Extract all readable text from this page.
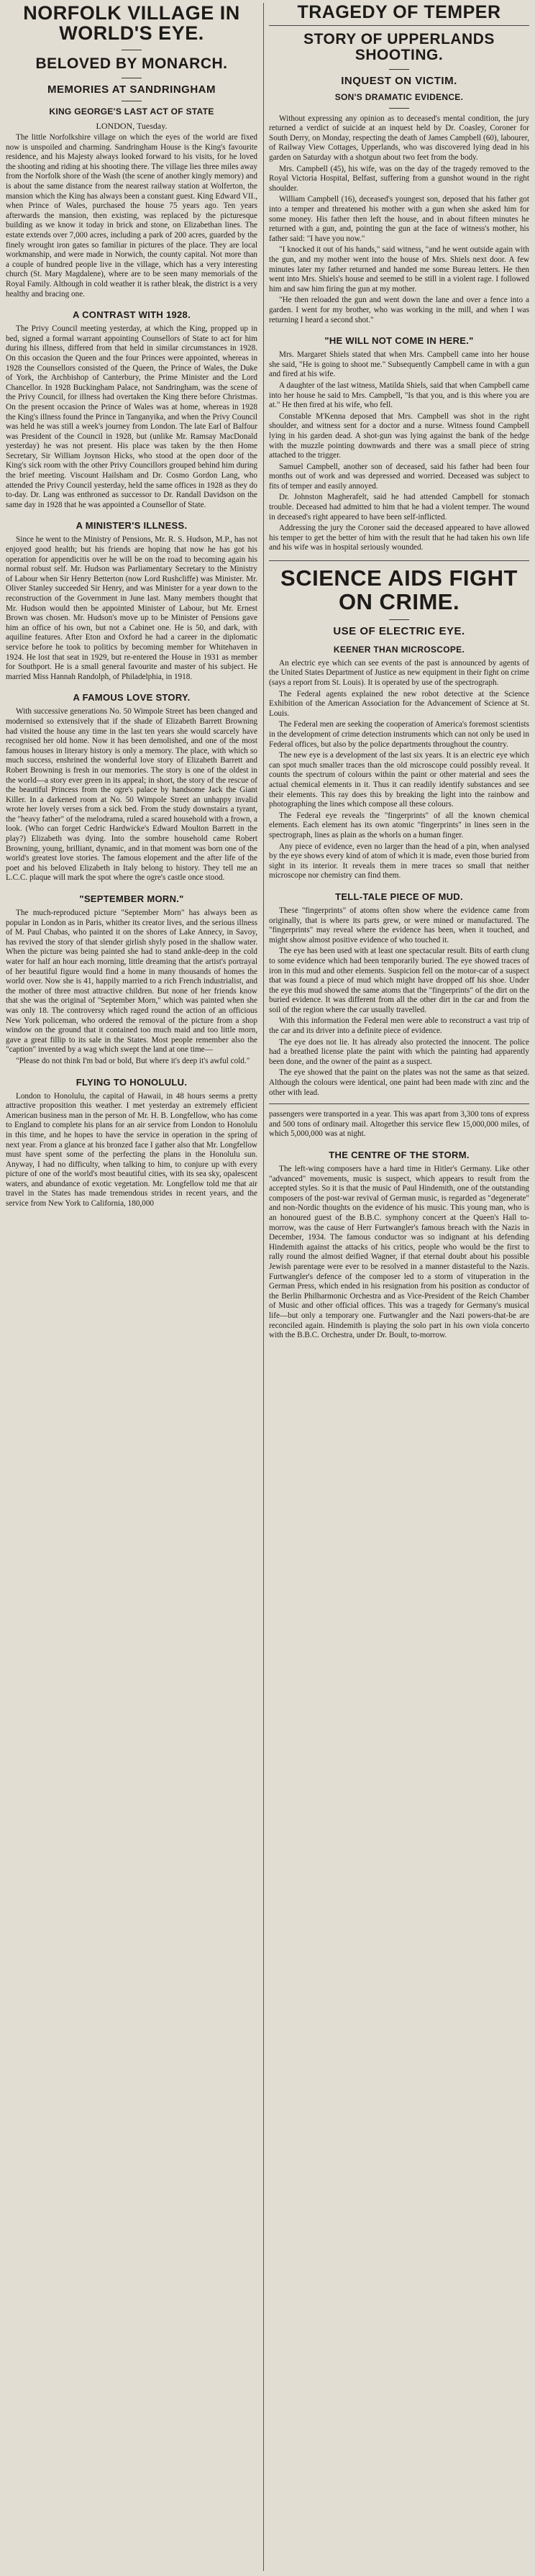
NORFOLK VILLAGE IN WORLD'S EYE.
BELOVED BY MONARCH.
MEMORIES AT SANDRINGHAM
KING GEORGE'S LAST ACT OF STATE
LONDON, Tuesday.

The little Norfolkshire village on which the eyes of the world are fixed now is unspoiled and charming. Sandringham House is the King's favourite residence, and his Majesty always looked forward to his visits, for he loved the shooting and riding at his shooting there. The village lies three miles away from the Norfolk shore of the Wash (the scene of another kingly memory) and is about the same distance from the nearest railway station at Wolferton, the mansion which the King has always been a constant guest. King Edward VII., when Prince of Wales, purchased the house 75 years ago. Ten years afterwards the mansion, then existing, was replaced by the picturesque building as we know it today in brick and stone, on Elizabethan lines. The estate extends over 7,000 acres, including a park of 200 acres, guarded by the finely wrought iron gates so familiar in pictures of the place. They are local workmanship, and were made in Norwich, the county capital. Not more than a couple of hundred people live in the village, which has a very interesting church (St. Mary Magdalene), where are to be seen many memorials of the Royal Family. Although in cold weather it is rather bleak, the district is a very healthy and bracing one.

A CONTRAST WITH 1928.

The Privy Council meeting yesterday, at which the King, propped up in bed, signed a formal warrant appointing Counsellors of State to act for him during his illness, differed from that held in similar circumstances in 1928. On this occasion the Queen and the four Princes were appointed, whereas in 1928 the Counsellors consisted of the Queen, the Prince of Wales, the Duke of York, the Archbishop of Canterbury, the Prime Minister and the Lord Chancellor. In 1928 Buckingham Palace, not Sandringham, was the scene of the Privy Council, for illness had overtaken the King there before Christmas. On the present occasion the Prince of Wales was at home, whereas in 1928 the King's illness found the Prince in Tanganyika, and when the Privy Council was held he was still a week's journey from London. The late Earl of Balfour was President of the Council in 1928, but (unlike Mr. Ramsay MacDonald yesterday) he was not present. His place was taken by the then Home Secretary, Sir William Joynson Hicks, who stood at the open door of the King's sick room with the other Privy Councillors grouped behind him during the brief meeting. Viscount Hailsham and Dr. Cosmo Gordon Lang, who attended the Privy Council yesterday, held the same offices in 1928 as they do to-day. Dr. Lang was enthroned as successor to Dr. Randall Davidson on the same day in 1928 that he was appointed a Counsellor of State.

A MINISTER'S ILLNESS.

Since he went to the Ministry of Pensions, Mr. R. S. Hudson, M.P., has not enjoyed good health; but his friends are hoping that now he has got his operation for appendicitis over he will be on the road to becoming again his normal robust self. Mr. Hudson was Parliamentary Secretary to the Ministry of Labour when Sir Henry Betterton (now Lord Rushcliffe) was Minister. Mr. Oliver Stanley succeeded Sir Henry, and was Minister for a year down to the reconstruction of the Government in June last. Many members thought that Mr. Hudson would then be appointed Minister of Labour, but Mr. Ernest Brown was chosen. Mr. Hudson's move up to be Minister of Pensions gave him an office of his own, but not a Cabinet one. He is 50, and dark, with aquiline features. After Eton and Oxford he had a career in the diplomatic service before he took to politics by becoming member for Whitehaven in 1924. He lost that seat in 1929, but re-entered the House in 1931 as member for Southport. He is a small general favourite and master of his subject. He married Miss Hannah Randolph, of Philadelphia, in 1918.

A FAMOUS LOVE STORY.

With successive generations No. 50 Wimpole Street has been changed and modernised so extensively that if the shade of Elizabeth Barrett Browning had visited the house any time in the last ten years she would scarcely have recognised her old home. Now it has been demolished, and one of the most famous houses in literary history is only a memory. The place, with which so much success, enshrined the wonderful love story of Elizabeth Barrett and Robert Browning is fresh in our memories. The story is one of the oldest in the world—a story ever green in its appeal; in short, the story of the rescue of the beautiful Princess from the ogre's palace by handsome Jack the Giant Killer. In a darkened room at No. 50 Wimpole Street an unhappy invalid wrote her lovely verses from a sick bed. From the study downstairs a tyrant, the "heavy father" of the melodrama, ruled a scared household with a frown, a look. (Who can forget Cedric Hardwicke's Edward Moulton Barrett in the play?) Elizabeth was dying. Into the sombre household came Robert Browning, young, brilliant, dynamic, and in that moment was born one of the world's greatest love stories. The famous elopement and the after life of the poet and his beloved Elizabeth in Italy belong to history. They tell me an L.C.C. plaque will mark the spot where the ogre's castle once stood.

"SEPTEMBER MORN."

The much-reproduced picture "September Morn" has always been as popular in London as in Paris, whither its creator lives, and the serious illness of M. Paul Chabas, who painted it on the shores of Lake Annecy, in Savoy, has revived the story of that slender girlish shyly posed in the shallow water. When the picture was being painted she had to stand ankle-deep in the cold water for half an hour each morning, little dreaming that the artist's portrayal of her beautiful figure would find a home in many thousands of homes the world over. Now she is 41, happily married to a rich French industrialist, and the mother of three most attractive children. But none of her friends know that she was the original of "September Morn," which was painted when she was only 18. The controversy which raged round the action of an officious New York policeman, who ordered the removal of the picture from a shop window on the ground that it contained too much maid and too little morn, gave a great fillip to its sale in the States. Most people remember also the "caption" invented by a wag which swept the land at one time—

"Please do not think I'm bad or bold, But where it's deep it's awful cold."

FLYING TO HONOLULU.

London to Honolulu, the capital of Hawaii, in 48 hours seems a pretty attractive proposition this weather. I met yesterday an extremely efficient American business man in the person of Mr. H. B. Longfellow, who has come to England to complete his plans for an air service from London to Honolulu in this time, and he hopes to have the service in operation in the spring of next year. From a glance at his bronzed face I gather also that Mr. Longfellow must have spent some of the perfecting the plans in the Honolulu sun. Anyway, I had no difficulty, when talking to him, to conjure up with every picture of one of the world's most beautiful cities, with its sea sky, opalescent waters, and abundance of exotic vegetation. Mr. Longfellow told me that air travel in the States has made tremendous strides in recent years, and the service from New York to California, 180,000

TRAGEDY OF TEMPER
STORY OF UPPERLANDS SHOOTING.
INQUEST ON VICTIM.
SON'S DRAMATIC EVIDENCE.

Without expressing any opinion as to deceased's mental condition, the jury returned a verdict of suicide at an inquest held by Dr. Coasley, Coroner for South Derry, on Monday, respecting the death of James Campbell (60), labourer, of Railway View Cottages, Upperlands, who was discovered lying dead in his garden on Saturday with a shotgun about two feet from the body.

Mrs. Campbell (45), his wife, was on the day of the tragedy removed to the Royal Victoria Hospital, Belfast, suffering from a gunshot wound in the right shoulder.

William Campbell (16), deceased's youngest son, deposed that his father got into a temper and threatened his mother with a gun when she asked him for some money. His father then left the house, and in about fifteen minutes he returned with a gun, and, pointing the gun at the face of witness's mother, his father said: "I have you now."

"I knocked it out of his hands," said witness, "and he went outside again with the gun, and my mother went into the house of Mrs. Shiels next door. A few minutes later my father returned and handed me some Bureau letters. He then went into Mrs. Shiels's house and seemed to be still in a violent rage. I followed him and saw him firing the gun at my mother.

"He then reloaded the gun and went down the lane and over a fence into a garden. I went for my brother, who was working in the mill, and when I was returning I heard a second shot."

"HE WILL NOT COME IN HERE."

Mrs. Margaret Shiels stated that when Mrs. Campbell came into her house she said, "He is going to shoot me." Subsequently Campbell came in with a gun and fired at his wife.

A daughter of the last witness, Matilda Shiels, said that when Campbell came into her house he said to Mrs. Campbell, "Is that you, and is this where you are at." He then fired at his wife, who fell.

Constable M'Kenna deposed that Mrs. Campbell was shot in the right shoulder, and witness sent for a doctor and a nurse. Witness found Campbell lying in his garden dead. A shot-gun was lying against the bank of the hedge with the muzzle pointing downwards and there was a small piece of string attached to the trigger.

Samuel Campbell, another son of deceased, said his father had been four months out of work and was depressed and worried. Deceased was subject to fits of temper and easily annoyed.

Dr. Johnston Magherafelt, said he had attended Campbell for stomach trouble. Deceased had admitted to him that he had a violent temper. The wound in deceased's right appeared to have been self-inflicted.

Addressing the jury the Coroner said the deceased appeared to have allowed his temper to get the better of him with the result that he had taken his own life and his wife was in hospital seriously wounded.

SCIENCE AIDS FIGHT ON CRIME.
USE OF ELECTRIC EYE.
KEENER THAN MICROSCOPE.

An electric eye which can see events of the past is announced by agents of the United States Department of Justice as new equipment in their fight on crime (says a report from St. Louis). It is operated by use of the spectrograph.

The Federal agents explained the new robot detective at the Science Exhibition of the American Association for the Advancement of Science at St. Louis.

The Federal men are seeking the cooperation of America's foremost scientists in the development of crime detection instruments which can not only be used in Federal offices, but also by the police departments throughout the country.

The new eye is a development of the last six years. It is an electric eye which can spot much smaller traces than the old microscope could possibly reveal. It counts the spectrum of colours within the paint or other material and sees the actual chemical elements in it. Thus it can readily identify substances and see their elements. This ray does this by breaking the light into the rainbow and photographing the lines which compose all these colours.

The Federal eye reveals the "fingerprints" of all the known chemical elements. Each element has its own atomic "fingerprints" in lines seen in the spectrograph, lines as plain as the whorls on a human finger.

Any piece of evidence, even no larger than the head of a pin, when analysed by the eye shows every kind of atom of which it is made, even those buried from sight in its interior. It reveals them in mere traces so small that neither microscope nor chemistry can find them.

TELL-TALE PIECE OF MUD.

These "fingerprints" of atoms often show where the evidence came from originally, that is where its parts grew, or were mined or manufactured. The "fingerprints" may reveal where the evidence has been, when it touched, and might show almost positive evidence of who touched it.

The eye has been used with at least one spectacular result. Bits of earth clung to some evidence which had been temporarily buried. The eye showed traces of iron in this mud and other elements. Suspicion fell on the motor-car of a suspect that was found a piece of mud which might have dropped off his shoe. Under the eye this mud showed the same atoms that the "fingerprints" of the dirt on the buried evidence. It was different from all the other dirt in the car and from the soil of the region where the car usually travelled.

With this information the Federal men were able to reconstruct a vast trip of the car and its driver into a definite piece of evidence.

The eye does not lie. It has already also protected the innocent. The police had a breathed license plate the paint with which the painting had apparently been done, and the owner of the paint as a suspect.

The eye showed that the paint on the plates was not the same as that seized. Although the colours were identical, one paint had been made with zinc and the other with lead.

passengers were transported in a year. This was apart from 3,300 tons of express and 500 tons of ordinary mail. Altogether this service flew 15,000,000 miles, of which 5,000,000 was at night.

THE CENTRE OF THE STORM.

The left-wing composers have a hard time in Hitler's Germany. Like other "advanced" movements, music is suspect, which appears to result from the accepted styles. So it is that the music of Paul Hindemith, one of the outstanding composers of the post-war revival of German music, is regarded as "degenerate" and non-Nordic thoughts on the evidence of his music. This young man, who is an honoured guest of the B.B.C. symphony concert at the Queen's Hall to-morrow, was the cause of Herr Furtwangler's famous breach with the Nazis in December, 1934. The famous conductor was so indignant at his defending Hindemith against the attacks of his critics, people who would be the first to rally round the almost deified Wagner, if that eternal doubt about his possible Jewish parentage were ever to be resolved in a manner distasteful to the Nazis. Furtwangler's defence of the composer led to a storm of vituperation in the German Press, which ended in his resignation from his position as conductor of the Berlin Philharmonic Orchestra and as Vice-President of the Reich Chamber of Music and other official offices. This was a tragedy for Germany's musical life—but only a temporary one. Furtwangler and the Nazi powers-that-be are reconciled again. Hindemith is playing the solo part in his own viola concerto with the B.B.C. Orchestra, under Dr. Boult, to-morrow.
